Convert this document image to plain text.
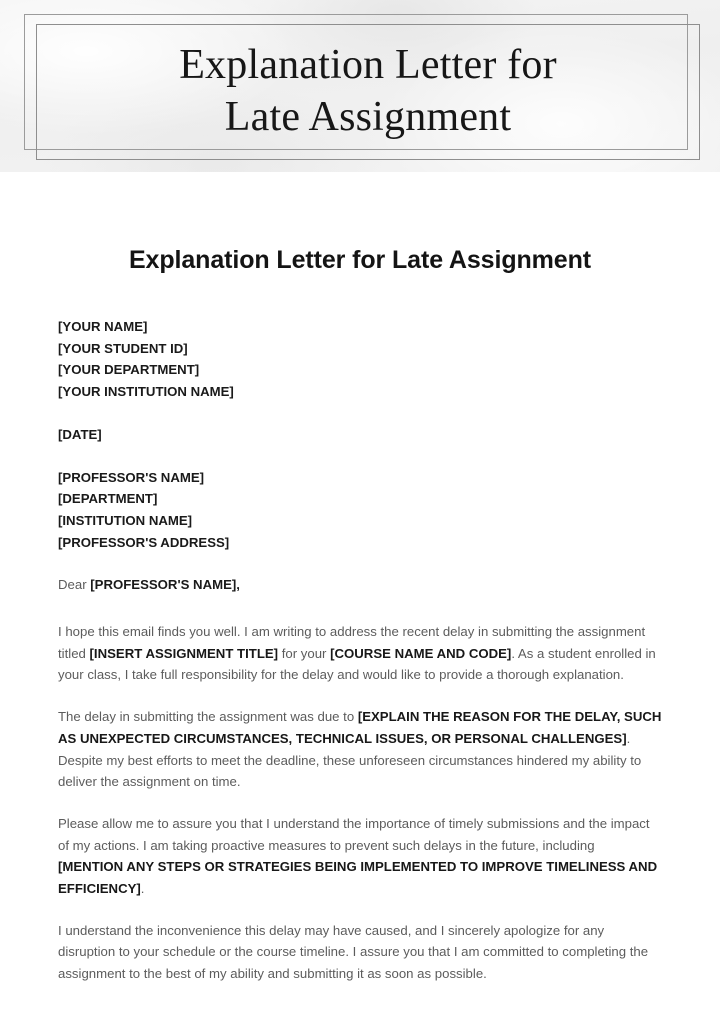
Explanation Letter for
Late Assignment
Explanation Letter for Late Assignment
[YOUR NAME]
[YOUR STUDENT ID]
[YOUR DEPARTMENT]
[YOUR INSTITUTION NAME]
[DATE]
[PROFESSOR'S NAME]
[DEPARTMENT]
[INSTITUTION NAME]
[PROFESSOR'S ADDRESS]
Dear [PROFESSOR'S NAME],

I hope this email finds you well. I am writing to address the recent delay in submitting the assignment titled [INSERT ASSIGNMENT TITLE] for your [COURSE NAME AND CODE]. As a student enrolled in your class, I take full responsibility for the delay and would like to provide a thorough explanation.

The delay in submitting the assignment was due to [EXPLAIN THE REASON FOR THE DELAY, SUCH AS UNEXPECTED CIRCUMSTANCES, TECHNICAL ISSUES, OR PERSONAL CHALLENGES]. Despite my best efforts to meet the deadline, these unforeseen circumstances hindered my ability to deliver the assignment on time.

Please allow me to assure you that I understand the importance of timely submissions and the impact of my actions. I am taking proactive measures to prevent such delays in the future, including [MENTION ANY STEPS OR STRATEGIES BEING IMPLEMENTED TO IMPROVE TIMELINESS AND EFFICIENCY].

I understand the inconvenience this delay may have caused, and I sincerely apologize for any disruption to your schedule or the course timeline. I assure you that I am committed to completing the assignment to the best of my ability and submitting it as soon as possible.
